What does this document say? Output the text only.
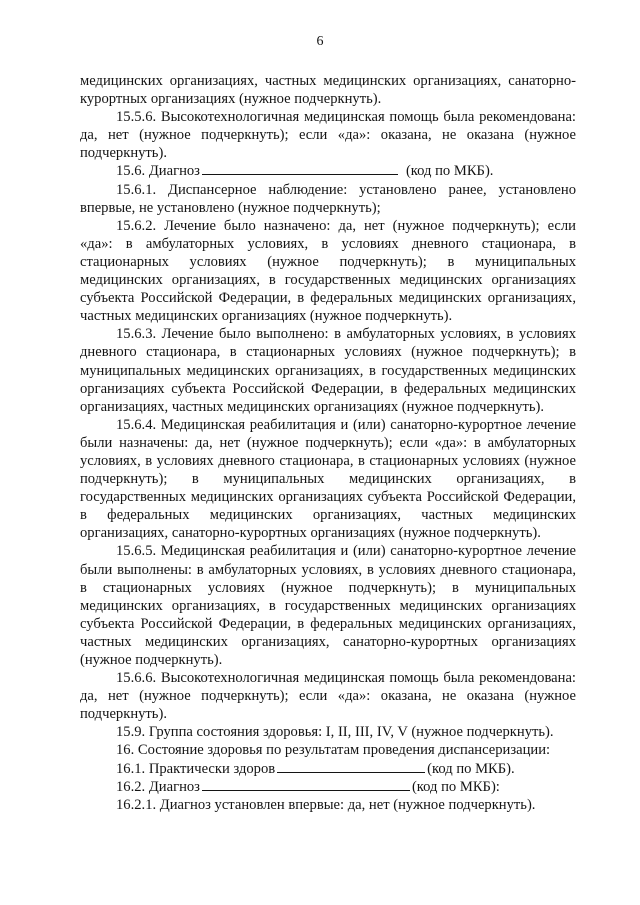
6

медицинских организациях, частных медицинских организациях, санаторно-курортных организациях (нужное подчеркнуть).

15.5.6. Высокотехнологичная медицинская помощь была рекомендована: да, нет (нужное подчеркнуть); если «да»: оказана, не оказана (нужное подчеркнуть).

15.6. Диагноз	(код по МКБ).

15.6.1. Диспансерное наблюдение: установлено ранее, установлено впервые, не установлено (нужное подчеркнуть);

15.6.2. Лечение было назначено: да, нет (нужное подчеркнуть); если «да»: в амбулаторных условиях, в условиях дневного стационара, в стационарных условиях (нужное подчеркнуть); в муниципальных медицинских организациях, в государственных медицинских организациях субъекта Российской Федерации, в федеральных медицинских организациях, частных медицинских организациях (нужное подчеркнуть).

15.6.3. Лечение было выполнено: в амбулаторных условиях, в условиях дневного стационара, в стационарных условиях (нужное подчеркнуть); в муниципальных медицинских организациях, в государственных медицинских организациях субъекта Российской Федерации, в федеральных медицинских организациях, частных медицинских организациях (нужное подчеркнуть).

15.6.4. Медицинская реабилитация и (или) санаторно-курортное лечение были назначены: да, нет (нужное подчеркнуть); если «да»: в амбулаторных условиях, в условиях дневного стационара, в стационарных условиях (нужное подчеркнуть); в муниципальных медицинских организациях, в государственных медицинских организациях субъекта Российской Федерации, в федеральных медицинских организациях, частных медицинских организациях, санаторно-курортных организациях (нужное подчеркнуть).

15.6.5. Медицинская реабилитация и (или) санаторно-курортное лечение были выполнены: в амбулаторных условиях, в условиях дневного стационара, в стационарных условиях (нужное подчеркнуть); в муниципальных медицинских организациях, в государственных медицинских организациях субъекта Российской Федерации, в федеральных медицинских организациях, частных медицинских организациях, санаторно-курортных организациях (нужное подчеркнуть).

15.6.6. Высокотехнологичная медицинская помощь была рекомендована: да, нет (нужное подчеркнуть); если «да»: оказана, не оказана (нужное подчеркнуть).

15.9. Группа состояния здоровья: I, II, III, IV, V (нужное подчеркнуть).

16. Состояние здоровья по результатам проведения диспансеризации:

16.1. Практически здоров	(код по МКБ).

16.2. Диагноз	(код по МКБ):

16.2.1. Диагноз установлен впервые: да, нет (нужное подчеркнуть).
